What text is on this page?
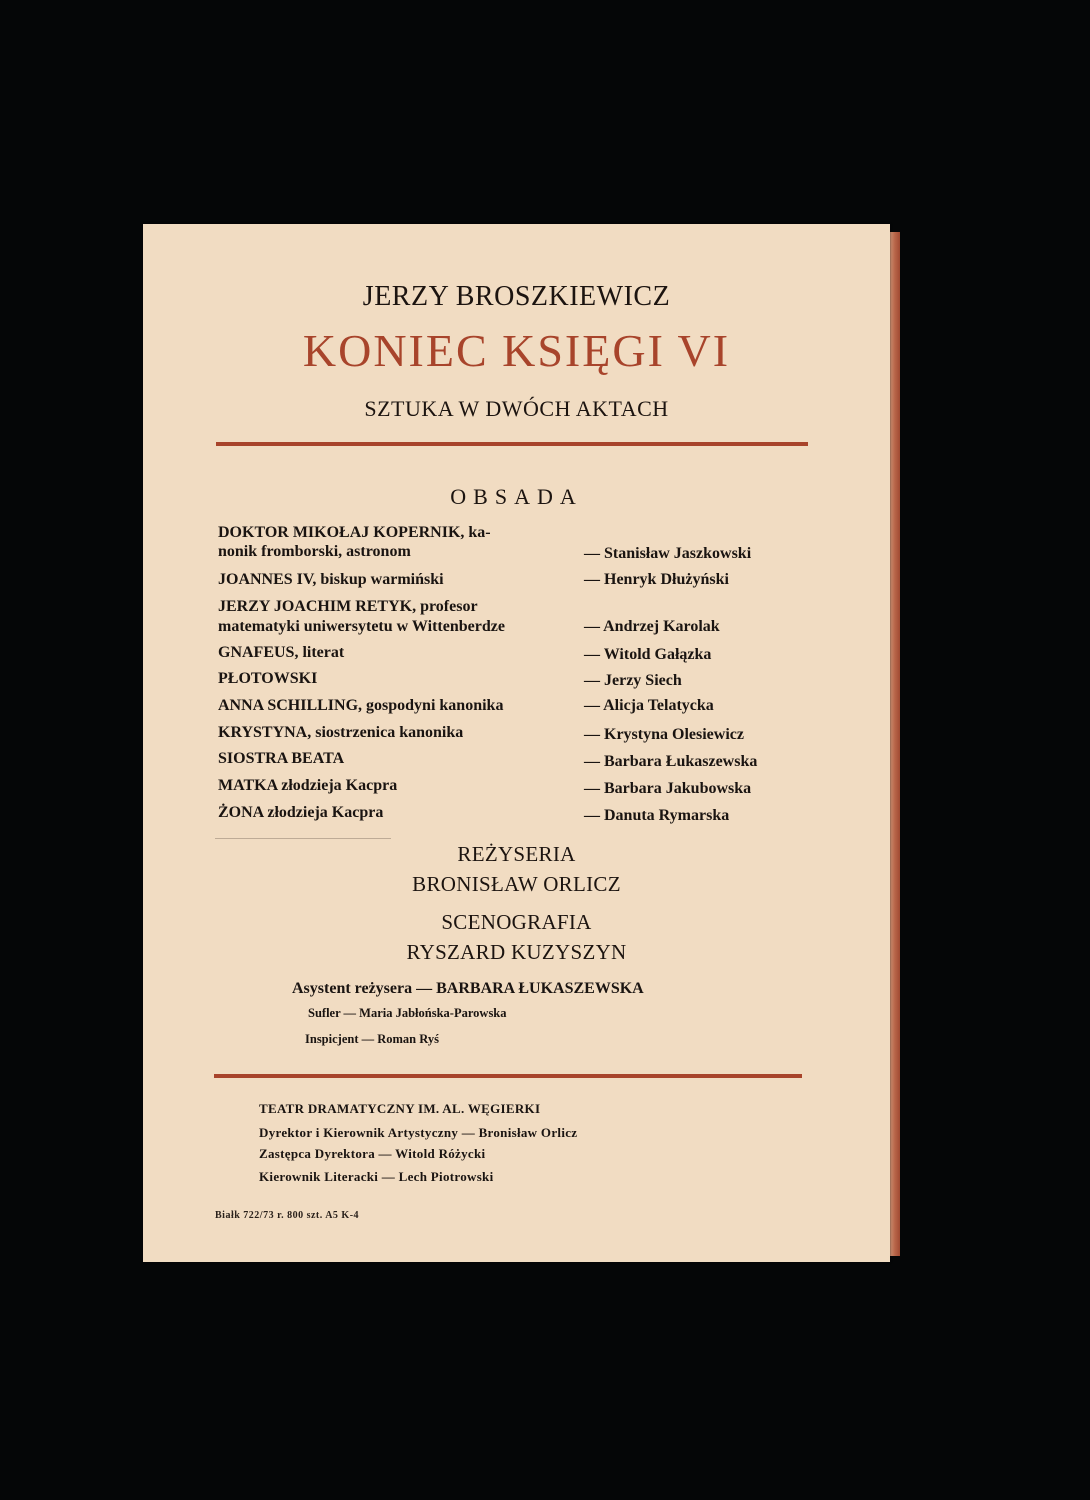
JERZY BROSZKIEWICZ
KONIEC KSIĘGI VI
SZTUKA W DWÓCH AKTACH
OBSADA
DOKTOR MIKOŁAJ KOPERNIK, ka-
nonik fromborski, astronom	— Stanisław Jaszkowski
JOANNES IV, biskup warmiński	— Henryk Dłużyński
JERZY JOACHIM RETYK, profesor
matematyki uniwersytetu w Wittenberdze	— Andrzej Karolak
GNAFEUS, literat	— Witold Gałązka
PŁOTOWSKI	— Jerzy Siech
ANNA SCHILLING, gospodyni kanonika	— Alicja Telatycka
KRYSTYNA, siostrzenica kanonika	— Krystyna Olesiewicz
SIOSTRA BEATA	— Barbara Łukaszewska
MATKA złodzieja Kacpra	— Barbara Jakubowska
ŻONA złodzieja Kacpra	— Danuta Rymarska
REŻYSERIA
BRONISŁAW ORLICZ
SCENOGRAFIA
RYSZARD KUZYSZYN
Asystent reżysera — BARBARA ŁUKASZEWSKA
Sufler — Maria Jabłońska-Parowska
Inspicjent — Roman Ryś
TEATR DRAMATYCZNY IM. AL. WĘGIERKI
Dyrektor i Kierownik Artystyczny — Bronisław Orlicz
Zastępca Dyrektora — Witold Różycki
Kierownik Literacki — Lech Piotrowski
Białk 722/73 r. 800 szt. A5 K-4
